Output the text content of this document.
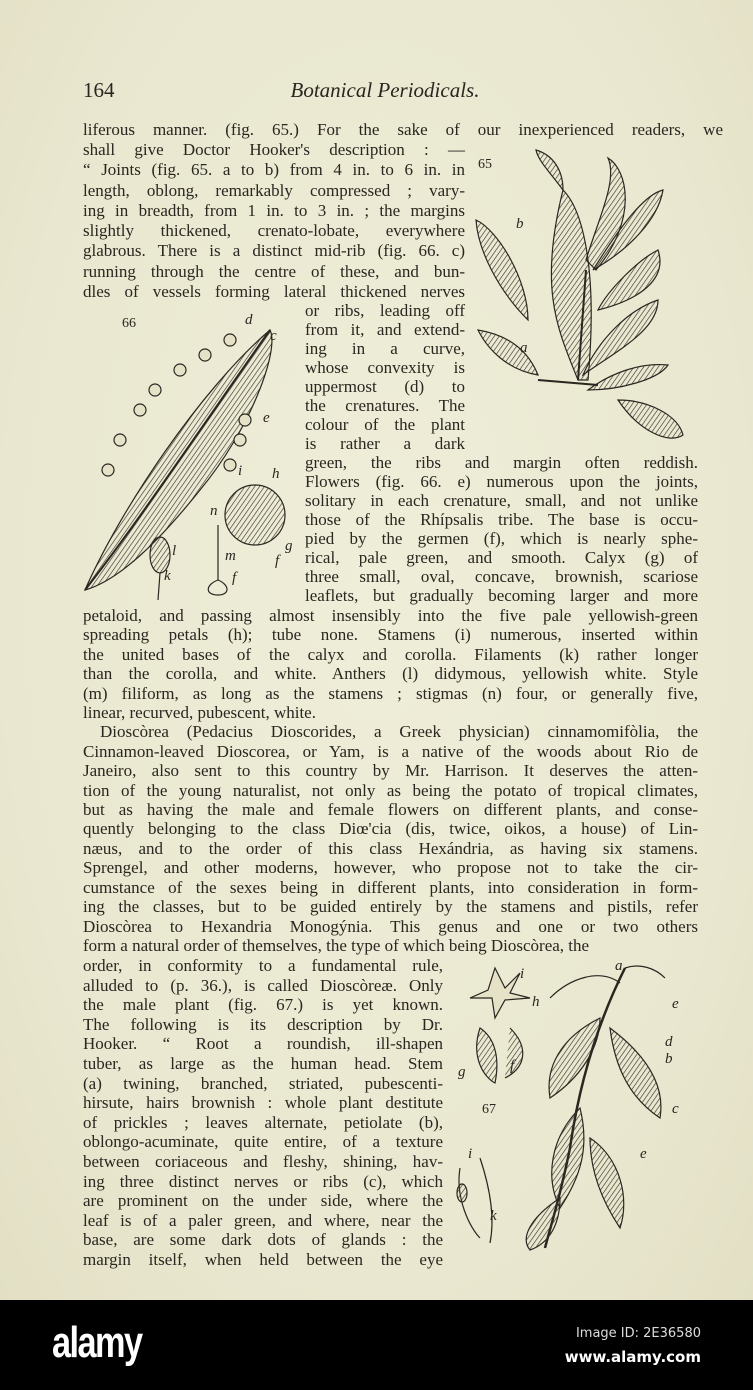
164	Botanical Periodicals.
liferous manner. (fig. 65.) For the sake of our inexperienced readers, we
shall give Doctor Hooker's description : —
“ Joints (fig. 65. a to b) from 4 in. to 6 in. in
length, oblong, remarkably compressed ; vary-
ing in breadth, from 1 in. to 3 in. ; the margins
slightly thickened, crenato-lobate, everywhere
glabrous. There is a distinct mid-rib (fig. 66. c)
running through the centre of these, and bun-
dles of vessels forming lateral thickened nerves
or ribs, leading off
from it, and extend-
ing in a curve,
whose convexity is
uppermost (d) to
the crenatures. The
colour of the plant
is rather a dark
green, the ribs and margin often reddish.
Flowers (fig. 66. e) numerous upon the joints,
solitary in each crenature, small, and not unlike
those of the Rhípsalis tribe. The base is occu-
pied by the germen (f), which is nearly sphe-
rical, pale green, and smooth. Calyx (g) of
three small, oval, concave, brownish, scariose
leaflets, but gradually becoming larger and more
petaloid, and passing almost insensibly into the five pale yellowish-green
spreading petals (h); tube none. Stamens (i) numerous, inserted within
the united bases of the calyx and corolla. Filaments (k) rather longer
than the corolla, and white. Anthers (l) didymous, yellowish white. Style
(m) filiform, as long as the stamens ; stigmas (n) four, or generally five,
linear, recurved, pubescent, white.
Dioscòrea (Pedacius Dioscorides, a Greek physician) cinnamomifòlia, the
Cinnamon-leaved Dioscorea, or Yam, is a native of the woods about Rio de
Janeiro, also sent to this country by Mr. Harrison. It deserves the atten-
tion of the young naturalist, not only as being the potato of tropical climates,
but as having the male and female flowers on different plants, and conse-
quently belonging to the class Diœ'cia (dis, twice, oikos, a house) of Lin-
næus, and to the order of this class Hexándria, as having six stamens.
Sprengel, and other moderns, however, who propose not to take the cir-
cumstance of the sexes being in different plants, into consideration in form-
ing the classes, but to be guided entirely by the stamens and pistils, refer
Dioscòrea to Hexandria Monogýnia. This genus and one or two others
form a natural order of themselves, the type of which being Dioscòrea, the
order, in conformity to a fundamental rule,
alluded to (p. 36.), is called Dioscòreæ. Only
the male plant (fig. 67.) is yet known.
The following is its description by Dr.
Hooker. “ Root a roundish, ill-shapen
tuber, as large as the human head. Stem
(a) twining, branched, striated, pubescenti-
hirsute, hairs brownish : whole plant destitute
of prickles ; leaves alternate, petiolate (b),
oblongo-acuminate, quite entire, of a texture
between coriaceous and fleshy, shining, hav-
ing three distinct nerves or ribs (c), which
are prominent on the under side, where the
leaf is of a paler green, and where, near the
base, are some dark dots of glands : the
margin itself, when held between the eye
65
b
a
66	d
c
e
i h
g
f
n
l	m
k	f
a
i
h	e
d
b
f
g
c
i	e
k
67
alamy	Image ID: 2E36580
www.alamy.com
